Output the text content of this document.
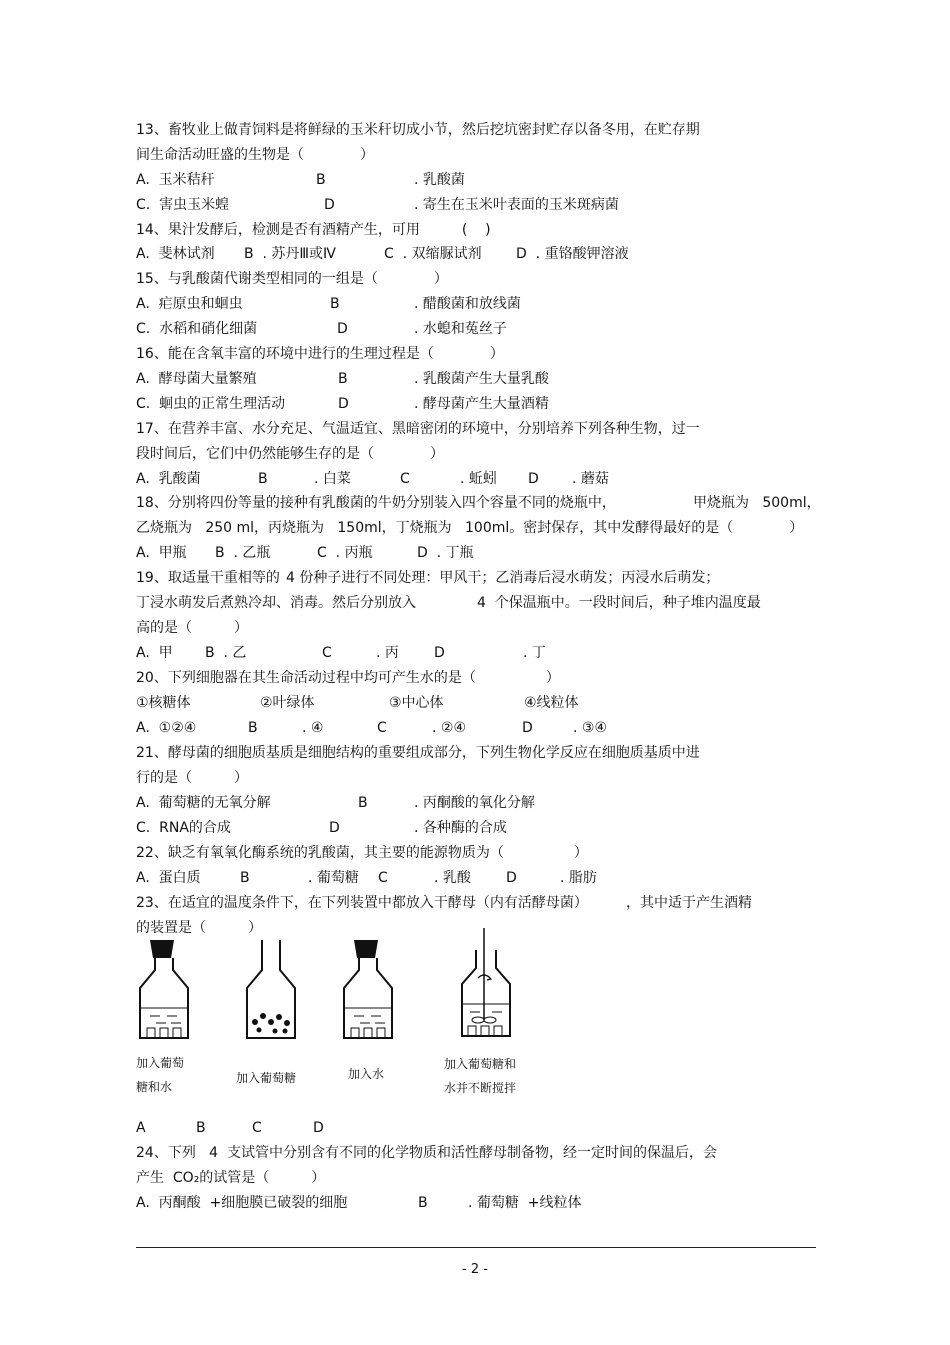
13、畜牧业上做青饲料是将鲜绿的玉米秆切成小节，然后挖坑密封贮存以备冬用，在贮存期
间生命活动旺盛的生物是（　　　　）
A.  玉米秸秆	B	. 乳酸菌
C.  害虫玉米蝗	D	. 寄生在玉米叶表面的玉米斑病菌
14、果汁发酵后，检测是否有酒精产生，可用　　　(    )
A.  斐林试剂 B  . 苏丹Ⅲ或Ⅳ	C  . 双缩脲试剂 D  . 重铬酸钾溶液
15、与乳酸菌代谢类型相同的一组是（　　　　）
A.  疟原虫和蛔虫	B	. 醋酸菌和放线菌
C.  水稻和硝化细菌	D	. 水螅和菟丝子
16、能在含氧丰富的环境中进行的生理过程是（　　　　）
A.  酵母菌大量繁殖	B	. 乳酸菌产生大量乳酸
C.  蛔虫的正常生理活动	D	. 酵母菌产生大量酒精
17、在营养丰富、水分充足、气温适宜、黑暗密闭的环境中，分别培养下列各种生物，过一
段时间后，它们中仍然能够生存的是（　　　　）
A.  乳酸菌	B	. 白菜	C	. 蚯蚓 D . 蘑菇
18、分别将四份等量的接种有乳酸菌的牛奶分别装入四个容量不同的烧瓶中，	甲烧瓶为   500ml，
乙烧瓶为   250 ml，丙烧瓶为   150ml，丁烧瓶为   100ml。密封保存，其中发酵得最好的是（　　　　）
A.  甲瓶 B  . 乙瓶	C  . 丙瓶	D  . 丁瓶
19、取适量干重相等的 4 份种子进行不同处理：甲风干；乙消毒后浸水萌发；丙浸水后萌发；
丁浸水萌发后煮熟冷却、消毒。然后分别放入	4  个保温瓶中。一段时间后，种子堆内温度最
高的是（　　　）
A.  甲 B  . 乙	C	. 丙	D	. 丁
20、下列细胞器在其生命活动过程中均可产生水的是（　　　　　）
①核糖体	②叶绿体	③中心体	④线粒体
A.  ①②④	B	. ④	C	. ②④	D	. ③④
21、酵母菌的细胞质基质是细胞结构的重要组成部分，下列生物化学反应在细胞质基质中进
行的是（　　　）
A.  葡萄糖的无氧分解	B	. 丙酮酸的氧化分解
C.  RNA的合成	D	. 各种酶的合成
22、缺乏有氧氧化酶系统的乳酸菌，其主要的能源物质为（　　　　　）
A.  蛋白质	B	. 葡萄糖 C	. 乳酸	D	. 脂肪
23、在适宜的温度条件下，在下列装置中都放入干酵母（内有活酵母菌）	，其中适于产生酒精
的装置是（　　　）
A	B	C	D
24、下列   4  支试管中分别含有不同的化学物质和活性酵母制备物，经一定时间的保温后，会
产生  CO₂的试管是（　　　）
A.  丙酮酸  +细胞膜已破裂的细胞	B	. 葡萄糖  +线粒体
加入葡萄
糖和水
加入葡萄糖	加入水
加入葡萄糖和
水并不断搅拌
- 2 -
